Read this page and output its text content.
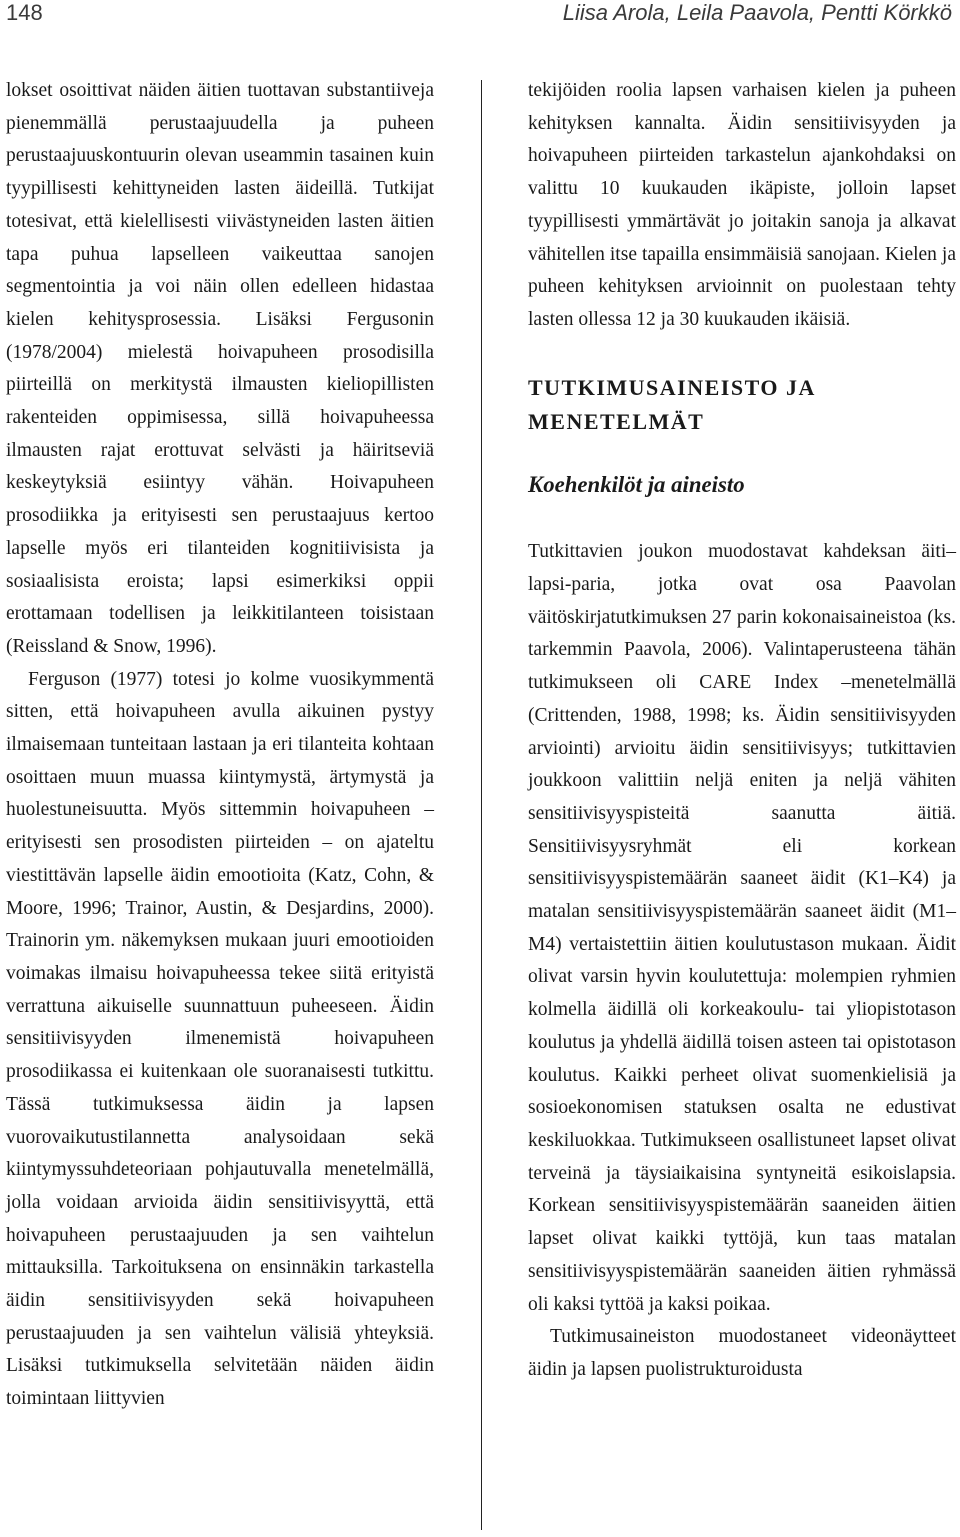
148	Liisa Arola, Leila Paavola, Pentti Körkkö

lokset osoittivat näiden äitien tuottavan substantiiveja pienemmällä perustaajuudella ja puheen perustaajuuskontuurin olevan useammin tasainen kuin tyypillisesti kehittyneiden lasten äideillä. Tutkijat totesivat, että kielellisesti viivästyneiden lasten äitien tapa puhua lapselleen vaikeuttaa sanojen segmentointia ja voi näin ollen edelleen hidastaa kielen kehitysprosessia. Lisäksi Fergusonin (1978/2004) mielestä hoivapuheen prosodisilla piirteillä on merkitystä ilmausten kieliopillisten rakenteiden oppimisessa, sillä hoivapuheessa ilmausten rajat erottuvat selvästi ja häiritseviä keskeytyksiä esiintyy vähän. Hoivapuheen prosodiikka ja erityisesti sen perustaajuus kertoo lapselle myös eri tilanteiden kognitiivisista ja sosiaalisista eroista; lapsi esimerkiksi oppii erottamaan todellisen ja leikkitilanteen toisistaan (Reissland & Snow, 1996).

Ferguson (1977) totesi jo kolme vuosikymmentä sitten, että hoivapuheen avulla aikuinen pystyy ilmaisemaan tunteitaan lastaan ja eri tilanteita kohtaan osoittaen muun muassa kiintymystä, ärtymystä ja huolestuneisuutta. Myös sittemmin hoivapuheen – erityisesti sen prosodisten piirteiden – on ajateltu viestittävän lapselle äidin emootioita (Katz, Cohn, & Moore, 1996; Trainor, Austin, & Desjardins, 2000). Trainorin ym. näkemyksen mukaan juuri emootioiden voimakas ilmaisu hoivapuheessa tekee siitä erityistä verrattuna aikuiselle suunnattuun puheeseen. Äidin sensitiivisyyden ilmenemistä hoivapuheen prosodiikassa ei kuitenkaan ole suoranaisesti tutkittu. Tässä tutkimuksessa äidin ja lapsen vuorovaikutustilannetta analysoidaan sekä kiintymyssuhdeteoriaan pohjautuvalla menetelmällä, jolla voidaan arvioida äidin sensitiivisyyttä, että hoivapuheen perustaajuuden ja sen vaihtelun mittauksilla. Tarkoituksena on ensinnäkin tarkastella äidin sensitiivisyyden sekä hoivapuheen perustaajuuden ja sen vaihtelun välisiä yhteyksiä. Lisäksi tutkimuksella selvitetään näiden äidin toimintaan liittyvien

tekijöiden roolia lapsen varhaisen kielen ja puheen kehityksen kannalta. Äidin sensitiivisyyden ja hoivapuheen piirteiden tarkastelun ajankohdaksi on valittu 10 kuukauden ikäpiste, jolloin lapset tyypillisesti ymmärtävät jo joitakin sanoja ja alkavat vähitellen itse tapailla ensimmäisiä sanojaan. Kielen ja puheen kehityksen arvioinnit on puolestaan tehty lasten ollessa 12 ja 30 kuukauden ikäisiä.

TUTKIMUSAINEISTO JA MENETELMÄT
Koehenkilöt ja aineisto

Tutkittavien joukon muodostavat kahdeksan äiti–lapsi-paria, jotka ovat osa Paavolan väitöskirjatutkimuksen 27 parin kokonaisaineistoa (ks. tarkemmin Paavola, 2006). Valintaperusteena tähän tutkimukseen oli CARE Index –menetelmällä (Crittenden, 1988, 1998; ks. Äidin sensitiivisyyden arviointi) arvioitu äidin sensitiivisyys; tutkittavien joukkoon valittiin neljä eniten ja neljä vähiten sensitiivisyyspisteitä saanutta äitiä. Sensitiivisyysryhmät eli korkean sensitiivisyyspistemäärän saaneet äidit (K1–K4) ja matalan sensitiivisyyspistemäärän saaneet äidit (M1–M4) vertaistettiin äitien koulutustason mukaan. Äidit olivat varsin hyvin koulutettuja: molempien ryhmien kolmella äidillä oli korkeakoulu- tai yliopistotason koulutus ja yhdellä äidillä toisen asteen tai opistotason koulutus. Kaikki perheet olivat suomenkielisiä ja sosioekonomisen statuksen osalta ne edustivat keskiluokkaa. Tutkimukseen osallistuneet lapset olivat terveinä ja täysiaikaisina syntyneitä esikoislapsia. Korkean sensitiivisyyspistemäärän saaneiden äitien lapset olivat kaikki tyttöjä, kun taas matalan sensitiivisyyspistemäärän saaneiden äitien ryhmässä oli kaksi tyttöä ja kaksi poikaa.

Tutkimusaineiston muodostaneet videonäytteet äidin ja lapsen puolistrukturoidusta
